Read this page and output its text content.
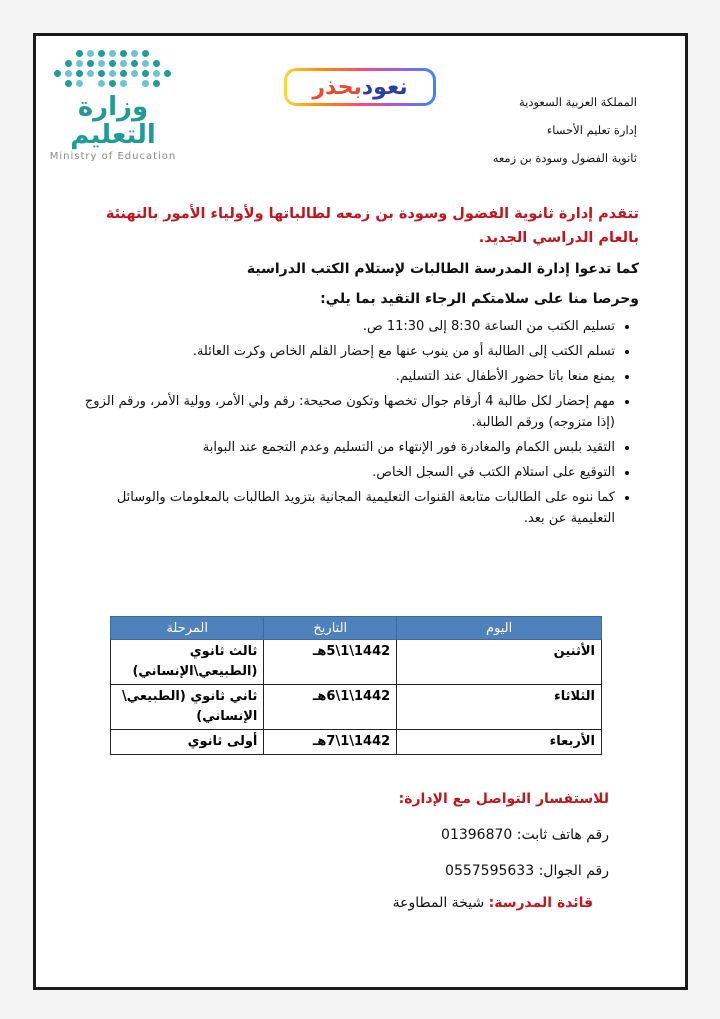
وزارة التعليم
Ministry of Education
نعود
بحذر
المملكة العربية السعودية
إدارة تعليم الأحساء
ثانوية الفضول وسودة بن زمعه
تتقدم إدارة ثانوية الفضول وسودة بن زمعه لطالباتها ولأولياء الأمور بالتهنئة بالعام الدراسي الجديد.
كما تدعوا إدارة المدرسة الطالبات لإستلام الكتب الدراسية
وحرصا منا على سلامتكم الرجاء التقيد بما يلي:
• تسليم الكتب من الساعة 8:30 إلى 11:30 ص.
• تسلم الكتب إلى الطالبة أو من ينوب عنها مع إحضار القلم الخاص وكرت العائلة.
• يمنع منعا باتا حضور الأطفال عند التسليم.
• مهم إحضار لكل طالبة 4 أرقام جوال تخصها وتكون صحيحة: رقم ولي الأمر، وولية الأمر، ورقم الزوج (إذا متزوجه) ورقم الطالبة.
• التقيد بلبس الكمام والمغادرة فور الإنتهاء من التسليم وعدم التجمع عند البوابة
• التوقيع على استلام الكتب في السجل الخاص.
• كما ننوه على الطالبات متابعة القنوات التعليمية المجانية بتزويد الطالبات بالمعلومات والوسائل التعليمية عن بعد.
اليوم	التاريخ	المرحلة
الأثنين	1442\1\5هـ	ثالث ثانوي (الطبيعي\الإنساني)
الثلاثاء	1442\1\6هـ	ثاني ثانوي (الطبيعي\ الإنساني)
الأربعاء	1442\1\7هـ	أولى ثانوي
للاستفسار التواصل مع الإدارة:
رقم هاتف ثابت: 01396870
رقم الجوال: 0557595633
قائدة المدرسة: شيخة المطاوعة
